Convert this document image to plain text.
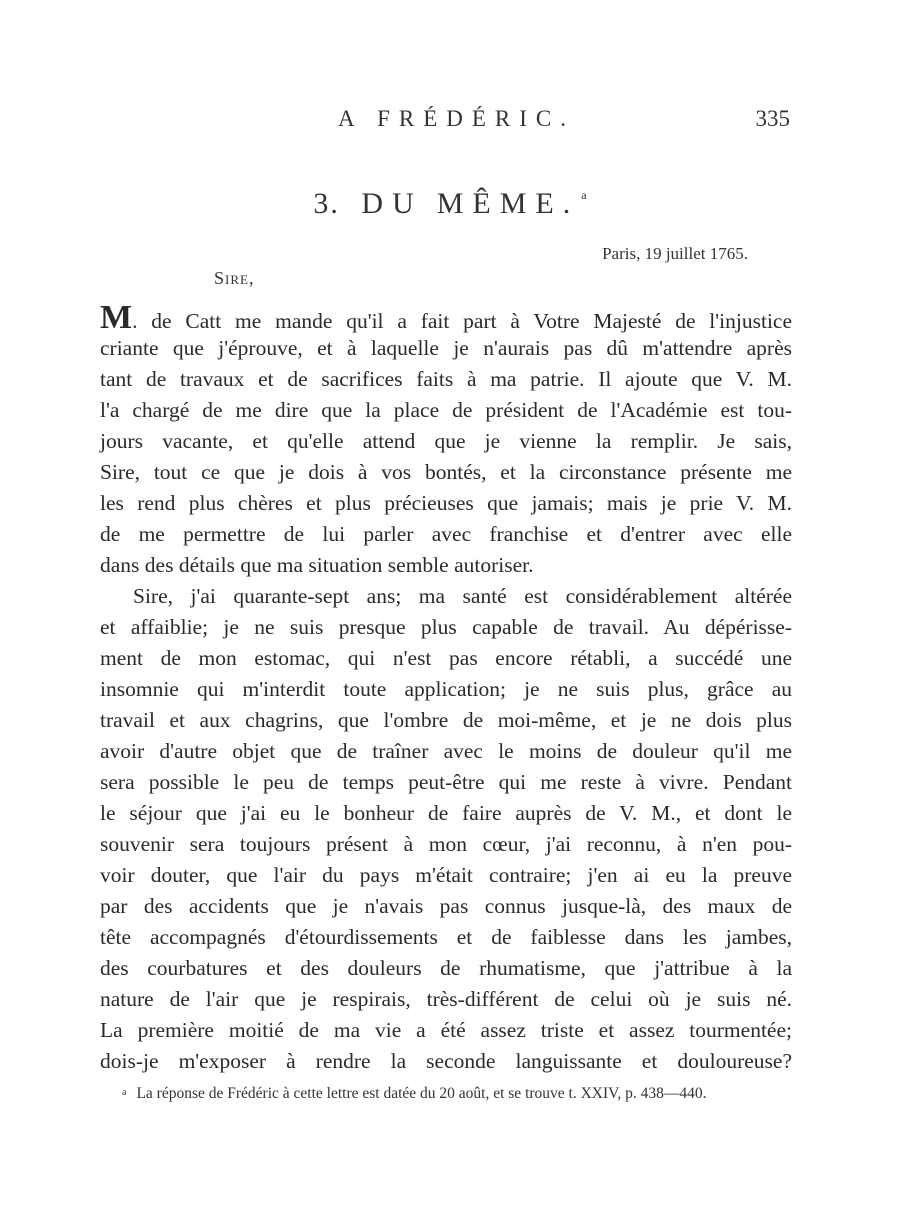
A FRÉDÉRIC.	335
3. DU MÊME. $^a$
Paris, 19 juillet 1765.
Sire,
M. de Catt me mande qu'il a fait part à Votre Majesté de l'injustice
criante que j'éprouve, et à laquelle je n'aurais pas dû m'attendre après
tant de travaux et de sacrifices faits à ma patrie. Il ajoute que V. M.
l'a chargé de me dire que la place de président de l'Académie est tou-
jours vacante, et qu'elle attend que je vienne la remplir. Je sais,
Sire, tout ce que je dois à vos bontés, et la circonstance présente me
les rend plus chères et plus précieuses que jamais; mais je prie V. M.
de me permettre de lui parler avec franchise et d'entrer avec elle
dans des détails que ma situation semble autoriser.
Sire, j'ai quarante-sept ans; ma santé est considérablement altérée
et affaiblie; je ne suis presque plus capable de travail. Au dépérisse-
ment de mon estomac, qui n'est pas encore rétabli, a succédé une
insomnie qui m'interdit toute application; je ne suis plus, grâce au
travail et aux chagrins, que l'ombre de moi-même, et je ne dois plus
avoir d'autre objet que de traîner avec le moins de douleur qu'il me
sera possible le peu de temps peut-être qui me reste à vivre. Pendant
le séjour que j'ai eu le bonheur de faire auprès de V. M., et dont le
souvenir sera toujours présent à mon cœur, j'ai reconnu, à n'en pou-
voir douter, que l'air du pays m'était contraire; j'en ai eu la preuve
par des accidents que je n'avais pas connus jusque-là, des maux de
tête accompagnés d'étourdissements et de faiblesse dans les jambes,
des courbatures et des douleurs de rhumatisme, que j'attribue à la
nature de l'air que je respirais, très-différent de celui où je suis né.
La première moitié de ma vie a été assez triste et assez tourmentée;
dois-je m'exposer à rendre la seconde languissante et douloureuse?
$^a$ La réponse de Frédéric à cette lettre est datée du 20 août, et se trouve t. XXIV, p. 438—440.
